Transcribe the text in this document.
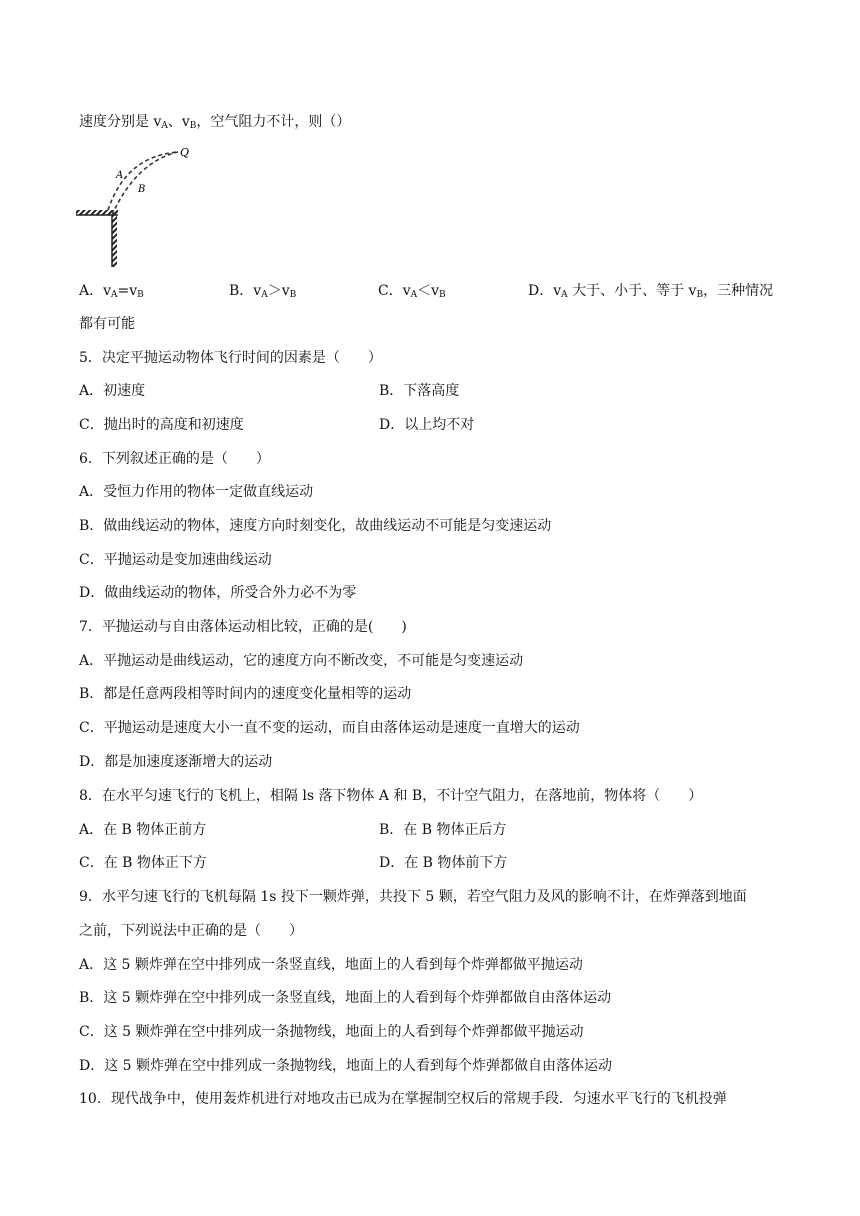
速度分别是 $v_A$、$v_B$，空气阻力不计，则（）
Q
A
B
A．$v_A=v_B$	B．$v_A>v_B$	C．$v_A<v_B$	D．$v_A$ 大于、小于、等于 $v_B$，三种情况
都有可能
5．决定平抛运动物体飞行时间的因素是（　　）
A．初速度	B．下落高度
C．抛出时的高度和初速度	D．以上均不对
6．下列叙述正确的是（　　）
A．受恒力作用的物体一定做直线运动
B．做曲线运动的物体，速度方向时刻变化，故曲线运动不可能是匀变速运动
C．平抛运动是变加速曲线运动
D．做曲线运动的物体，所受合外力必不为零
7．平抛运动与自由落体运动相比较，正确的是(　　)
A．平抛运动是曲线运动，它的速度方向不断改变，不可能是匀变速运动
B．都是任意两段相等时间内的速度变化量相等的运动
C．平抛运动是速度大小一直不变的运动，而自由落体运动是速度一直增大的运动
D．都是加速度逐渐增大的运动
8．在水平匀速飞行的飞机上，相隔 ls 落下物体 A 和 B，不计空气阻力，在落地前，物体将（　　）
A．在 B 物体正前方	B．在 B 物体正后方
C．在 B 物体正下方	D．在 B 物体前下方
9．水平匀速飞行的飞机每隔 1s 投下一颗炸弹，共投下 5 颗，若空气阻力及风的影响不计，在炸弹落到地面
之前，下列说法中正确的是（　　）
A．这 5 颗炸弹在空中排列成一条竖直线，地面上的人看到每个炸弹都做平抛运动
B．这 5 颗炸弹在空中排列成一条竖直线，地面上的人看到每个炸弹都做自由落体运动
C．这 5 颗炸弹在空中排列成一条抛物线，地面上的人看到每个炸弹都做平抛运动
D．这 5 颗炸弹在空中排列成一条抛物线，地面上的人看到每个炸弹都做自由落体运动
10．现代战争中，使用轰炸机进行对地攻击已成为在掌握制空权后的常规手段．匀速水平飞行的飞机投弹
